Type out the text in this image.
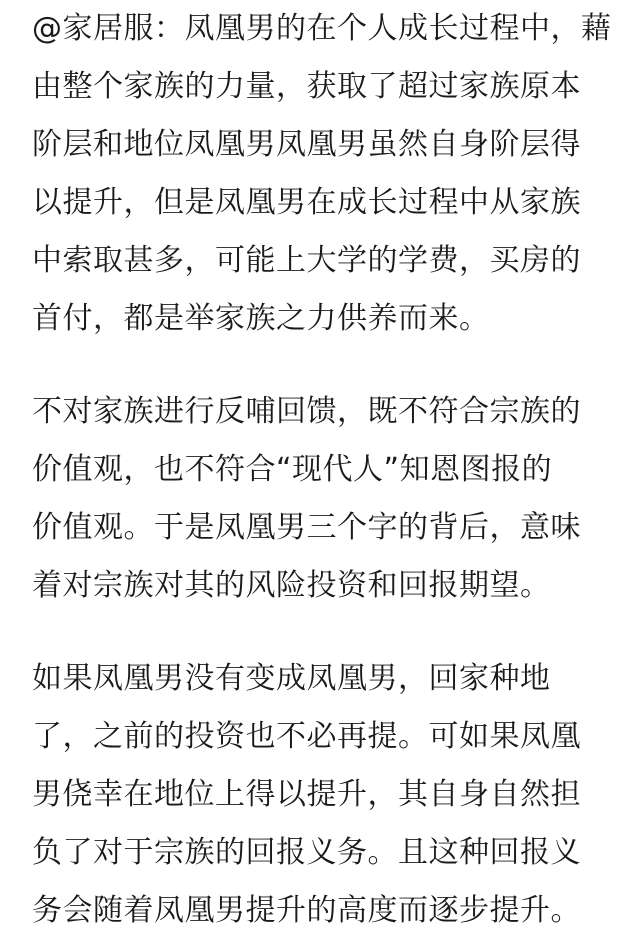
@家居服：凤凰男的在个人成长过程中，藉
由整个家族的力量，获取了超过家族原本
阶层和地位凤凰男凤凰男虽然自身阶层得
以提升，但是凤凰男在成长过程中从家族
中索取甚多，可能上大学的学费，买房的
首付，都是举家族之力供养而来。
不对家族进行反哺回馈，既不符合宗族的
价值观，也不符合“现代人”知恩图报的
价值观。于是凤凰男三个字的背后，意味
着对宗族对其的风险投资和回报期望。
如果凤凰男没有变成凤凰男，回家种地
了，之前的投资也不必再提。可如果凤凰
男侥幸在地位上得以提升，其自身自然担
负了对于宗族的回报义务。且这种回报义
务会随着凤凰男提升的高度而逐步提升。
